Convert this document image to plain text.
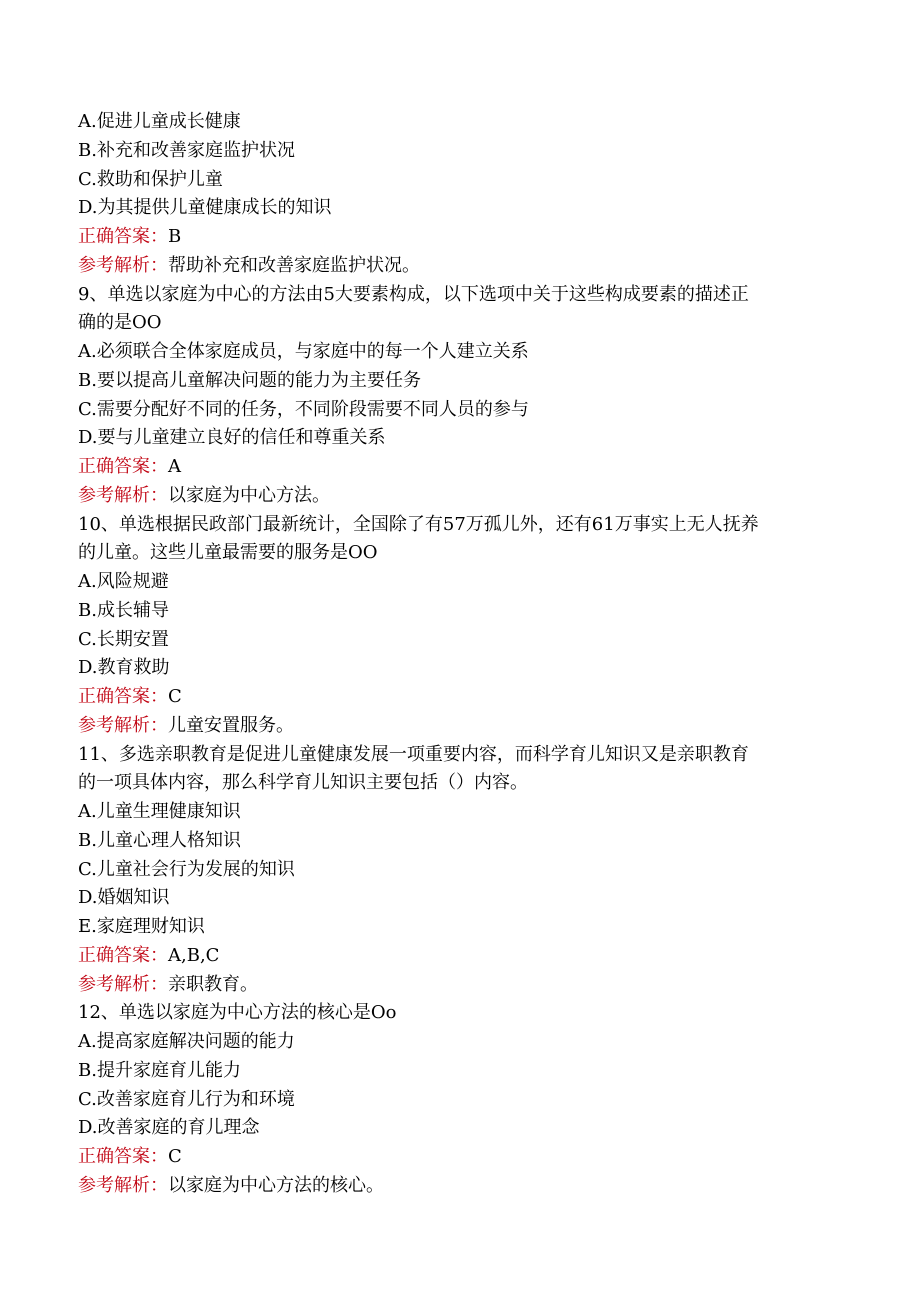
A.促进儿童成长健康
B.补充和改善家庭监护状况
C.救助和保护儿童
D.为其提供儿童健康成长的知识
正确答案：B
参考解析：帮助补充和改善家庭监护状况。
9、单选以家庭为中心的方法由5大要素构成，以下选项中关于这些构成要素的描述正
确的是OO
A.必须联合全体家庭成员，与家庭中的每一个人建立关系
B.要以提高儿童解决问题的能力为主要任务
C.需要分配好不同的任务，不同阶段需要不同人员的参与
D.要与儿童建立良好的信任和尊重关系
正确答案：A
参考解析：以家庭为中心方法。
10、单选根据民政部门最新统计，全国除了有57万孤儿外，还有61万事实上无人抚养
的儿童。这些儿童最需要的服务是OO
A.风险规避
B.成长辅导
C.长期安置
D.教育救助
正确答案：C
参考解析：儿童安置服务。
11、多选亲职教育是促进儿童健康发展一项重要内容，而科学育儿知识又是亲职教育
的一项具体内容，那么科学育儿知识主要包括（）内容。
A.儿童生理健康知识
B.儿童心理人格知识
C.儿童社会行为发展的知识
D.婚姻知识
E.家庭理财知识
正确答案：A,B,C
参考解析：亲职教育。
12、单选以家庭为中心方法的核心是Oo
A.提高家庭解决问题的能力
B.提升家庭育儿能力
C.改善家庭育儿行为和环境
D.改善家庭的育儿理念
正确答案：C
参考解析：以家庭为中心方法的核心。
